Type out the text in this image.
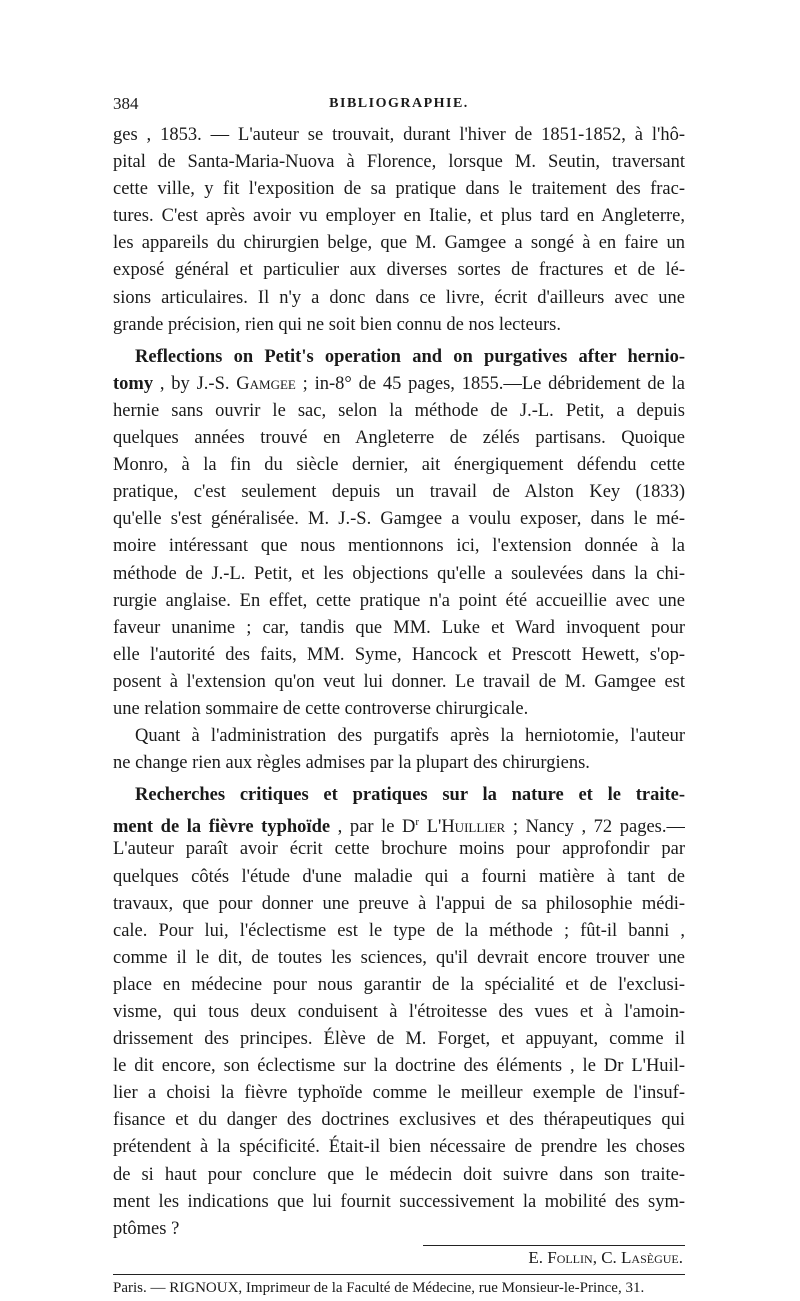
384	BIBLIOGRAPHIE.
ges , 1853. — L'auteur se trouvait, durant l'hiver de 1851-1852, à l'hô-
pital de Santa-Maria-Nuova à Florence, lorsque M. Seutin, traversant
cette ville, y fit l'exposition de sa pratique dans le traitement des frac-
tures. C'est après avoir vu employer en Italie, et plus tard en Angleterre,
les appareils du chirurgien belge, que M. Gamgee a songé à en faire un
exposé général et particulier aux diverses sortes de fractures et de lé-
sions articulaires. Il n'y a donc dans ce livre, écrit d'ailleurs avec une
grande précision, rien qui ne soit bien connu de nos lecteurs.
Reflections on Petit's operation and on purgatives after hernio-
tomy , by J.-S. Gamgee ; in-8° de 45 pages, 1855.—Le débridement de la
hernie sans ouvrir le sac, selon la méthode de J.-L. Petit, a depuis
quelques années trouvé en Angleterre de zélés partisans. Quoique
Monro, à la fin du siècle dernier, ait énergiquement défendu cette
pratique, c'est seulement depuis un travail de Alston Key (1833)
qu'elle s'est généralisée. M. J.-S. Gamgee a voulu exposer, dans le mé-
moire intéressant que nous mentionnons ici, l'extension donnée à la
méthode de J.-L. Petit, et les objections qu'elle a soulevées dans la chi-
rurgie anglaise. En effet, cette pratique n'a point été accueillie avec une
faveur unanime ; car, tandis que MM. Luke et Ward invoquent pour
elle l'autorité des faits, MM. Syme, Hancock et Prescott Hewett, s'op-
posent à l'extension qu'on veut lui donner. Le travail de M. Gamgee est
une relation sommaire de cette controverse chirurgicale.
Quant à l'administration des purgatifs après la herniotomie, l'auteur
ne change rien aux règles admises par la plupart des chirurgiens.
Recherches critiques et pratiques sur la nature et le traite-
ment de la fièvre typhoïde , par le $D^r$ L'Huillier ; Nancy , 72 pages.—
L'auteur paraît avoir écrit cette brochure moins pour approfondir par
quelques côtés l'étude d'une maladie qui a fourni matière à tant de
travaux, que pour donner une preuve à l'appui de sa philosophie médi-
cale. Pour lui, l'éclectisme est le type de la méthode ; fût-il banni ,
comme il le dit, de toutes les sciences, qu'il devrait encore trouver une
place en médecine pour nous garantir de la spécialité et de l'exclusi-
visme, qui tous deux conduisent à l'étroitesse des vues et à l'amoin-
drissement des principes. Élève de M. Forget, et appuyant, comme il
le dit encore, son éclectisme sur la doctrine des éléments , le Dr L'Huil-
lier a choisi la fièvre typhoïde comme le meilleur exemple de l'insuf-
fisance et du danger des doctrines exclusives et des thérapeutiques qui
prétendent à la spécificité. Était-il bien nécessaire de prendre les choses
de si haut pour conclure que le médecin doit suivre dans son traite-
ment les indications que lui fournit successivement la mobilité des sym-
ptômes ?
E. Follin, C. Lasègue.
Paris. — RIGNOUX, Imprimeur de la Faculté de Médecine, rue Monsieur-le-Prince, 31.
